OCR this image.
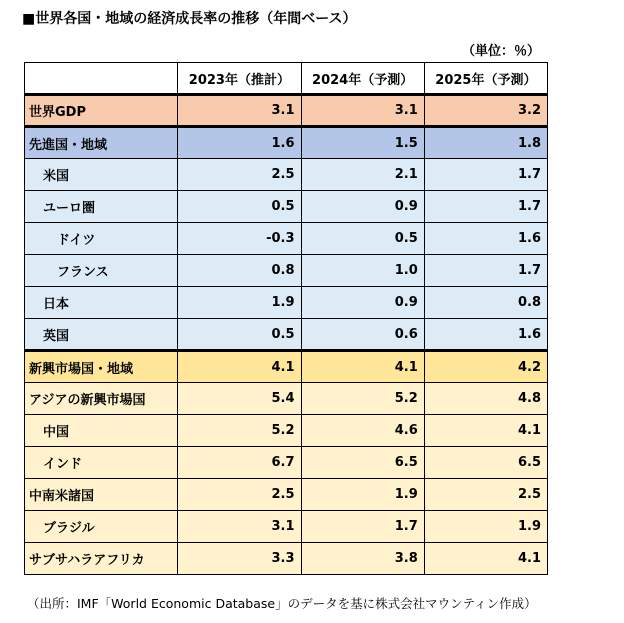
■世界各国・地域の経済成長率の推移（年間ベース）
（単位：％）
	2023年（推計）	2024年（予測）	2025年（予測）
世界GDP	3.1	3.1	3.2
先進国・地域	1.6	1.5	1.8
米国	2.5	2.1	1.7
ユーロ圏	0.5	0.9	1.7
ドイツ	-0.3	0.5	1.6
フランス	0.8	1.0	1.7
日本	1.9	0.9	0.8
英国	0.5	0.6	1.6
新興市場国・地域	4.1	4.1	4.2
アジアの新興市場国	5.4	5.2	4.8
中国	5.2	4.6	4.1
インド	6.7	6.5	6.5
中南米諸国	2.5	1.9	2.5
ブラジル	3.1	1.7	1.9
サブサハラアフリカ	3.3	3.8	4.1
（出所：IMF「World Economic Database」のデータを基に株式会社マウンティン作成）
